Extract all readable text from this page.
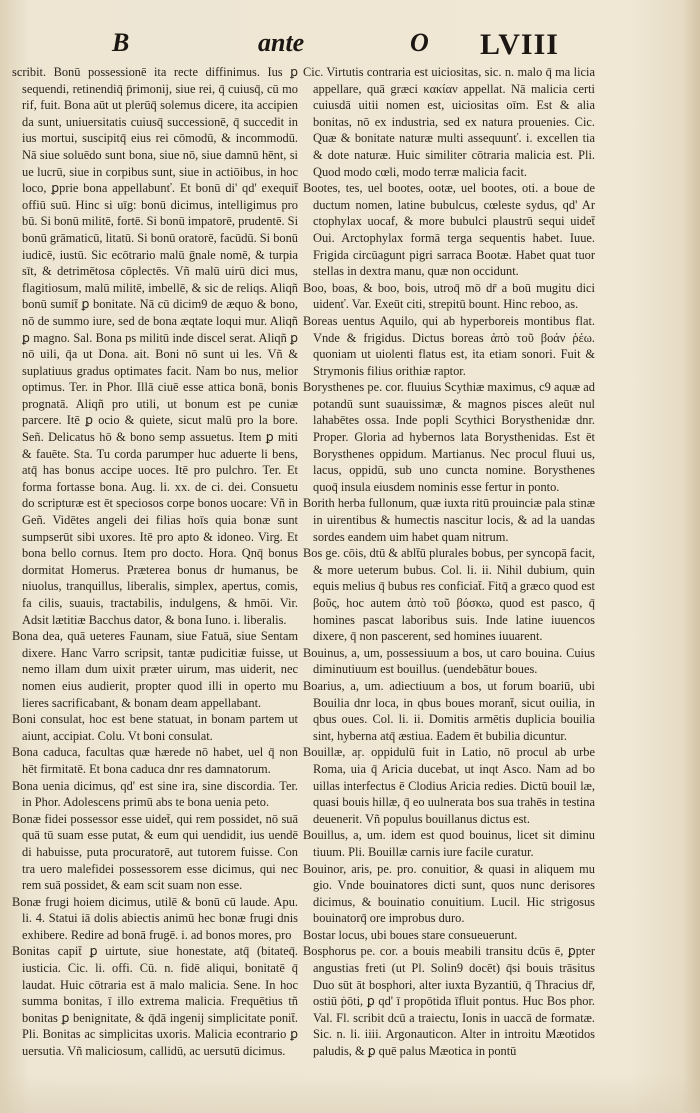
B	ante	O LVIII

scribit. Bonū possessionē ita recte diffinimus. Ius ꝑ sequendi, retinendiq̄ p̄rimonij, siue rei, q̄ cuiusq̄, cū mo rif, fuit. Bona aūt ut plerūq̄ solemus dicere, ita accipien da sunt, uniuersitatis cuiusq̄ successionē, q̄ succedit in ius mortui, suscipitq̄ eius rei cōmodū, & incommodū. Nā siue soluēdo sunt bona, siue nō, siue damnū hēnt, si ue lucrū, siue in corpibus sunt, siue in actiōibus, in hoc loco, ꝑprie bona appellabunť. Et bonū di' qd' exequit̄ offiū suū. Hinc si uīg: bonū dicimus, intelligimus pro bū. Si bonū militē, fortē. Si bonū impatorē, prudentē. Si bonū grāmaticū, litatū. Si bonū oratorē, facūdū. Si bonū iudicē, iustū. Sic ecōtrario malū ḡnale nomē, & turpia sīt, & detrimētosa cōplectēs. Vñ malū uirū dici mus, flagitiosum, malū militē, imbellē, & sic de reliqs. Aliqñ bonū sumit̄ ꝑ bonitate. Nā cū dicim9 de æquo & bono, nō de summo iure, sed de bona æqtate loqui mur. Aliqñ ꝑ magno. Sal. Bona ps militū inde discel serat. Aliqñ ꝑ nō uili, q̄a ut Dona. ait. Boni nō sunt ui les. Vñ & suplatiuus gradus optimates facit. Nam bo nus, melior optimus. Ter. in Phor. Illā ciuē esse attica bonā, bonis prognatā. Aliqñ pro utili, ut bonum est pe cuniæ parcere. Itē ꝑ ocio & quiete, sicut malū pro la bore. Señ. Delicatus hō & bono semp assuetus. Item ꝑ miti & fauēte. Sta. Tu corda parumper huc aduerte li bens, atq̄ has bonus accipe uoces. Itē pro pulchro. Ter. Et forma fortasse bona. Aug. li. xx. de ci. dei. Consuetu do scripturæ est ēt speciosos corpe bonos uocare: Vñ in Geñ. Vidētes angeli dei filias hoīs quia bonæ sunt sumpserūt sibi uxores. Itē pro apto & idoneo. Virg. Et bona bello cornus. Item pro docto. Hora. Qnq̄ bonus dormitat Homerus. Præterea bonus dr humanus, be niuolus, tranquillus, liberalis, simplex, apertus, comis, fa cilis, suauis, tractabilis, indulgens, & hmōi. Vir. Adsit lætitiæ Bacchus dator, & bona Iuno. i. liberalis.

Bona dea, quā ueteres Faunam, siue Fatuā, siue Sentam dixere. Hanc Varro scripsit, tantæ pudicitiæ fuisse, ut nemo illam dum uixit præter uirum, mas uiderit, nec nomen eius audierit, propter quod illi in operto mu lieres sacrificabant, & bonam deam appellabant.

Boni consulat, hoc est bene statuat, in bonam partem ut aiunt, accipiat. Colu. Vt boni consulat.

Bona caduca, facultas quæ hærede nō habet, uel q̄ non hēt firmitatē. Et bona caduca dnr res damnatorum.

Bona uenia dicimus, qd' est sine ira, sine discordia. Ter. in Phor. Adolescens primū abs te bona uenia peto.

Bonæ fidei possessor esse uidet̄, qui rem possidet, nō suā quā tū suam esse putat, & eum qui uendidit, ius uendē di habuisse, puta procuratorē, aut tutorem fuisse. Con tra uero malefidei possessorem esse dicimus, qui nec rem suā possidet, & eam scit suam non esse.

Bonæ frugi hoiem dicimus, utilē & bonū cū laude. Apu. li. 4. Statui iā dolis abiectis animū hec bonæ frugi dnis exhibere. Redire ad bonā frugē. i. ad bonos mores, pro

Bonitas capit̄ ꝑ uirtute, siue honestate, atq̄ (bitateq̄. iusticia. Cic. li. offi. Cū. n. fidē aliqui, bonitatē q̄ laudat. Huic cōtraria est ā malo malicia. Sene. In hoc summa bonitas, ī illo extrema malicia. Frequētius tñ bonitas ꝑ benignitate, & q̄dā ingenij simplicitate ponit̄. Pli. Bonitas ac simplicitas uxoris. Malicia econtrario ꝑ uersutia. Vñ maliciosum, callidū, ac uersutū dicimus.

Cic. Virtutis contraria est uiciositas, sic. n. malo q̄ ma licia appellare, quā græci κακίαν appellat. Nā malicia certi cuiusdā uitii nomen est, uiciositas oīm. Est & alia bonitas, nō ex industria, sed ex natura prouenies. Cic. Quæ & bonitate naturæ multi assequunť. i. excellen tia & dote naturæ. Huic similiter cōtraria malicia est. Pli. Quod modo cœli, modo terræ malicia facit.

Bootes, tes, uel bootes, ootæ, uel bootes, oti. a boue de ductum nomen, latine bubulcus, cœleste sydus, qd' Ar ctophylax uocaf, & more bubulci plaustrū sequi uidet̄ Oui. Arctophylax formā terga sequentis habet. Iuue. Frigida circūagunt pigri sarraca Bootæ. Habet quat tuor stellas in dextra manu, quæ non occidunt.

Boo, boas, & boo, bois, utroq̄ mō dr̄ a boū mugitu dici uidenť. Var. Exeūt citi, strepitū bount. Hinc reboo, as.

Boreas uentus Aquilo, qui ab hyperboreis montibus flat. Vnde & frigidus. Dictus boreas ἀπὸ τοῦ βοάν ῥέω. quoniam ut uiolenti flatus est, ita etiam sonori. Fuit & Strymonis filius orithiæ raptor.

Borysthenes pe. cor. fluuius Scythiæ maximus, c9 aquæ ad potandū sunt suauissimæ, & magnos pisces aleūt nul lahabētes ossa. Inde popli Scythici Borysthenidæ dnr. Proper. Gloria ad hybernos lata Borysthenidas. Est ēt Borysthenes oppidum. Martianus. Nec procul fluui us, lacus, oppidū, sub uno cuncta nomine. Borysthenes quoq̄ insula eiusdem nominis esse fertur in ponto.

Borith herba fullonum, quæ iuxta ritū prouinciæ pala stinæ in uirentibus & humectis nascitur locis, & ad la uandas sordes eandem uim habet quam nitrum.

Bos ge. cōis, dtū & ablt̄ū plurales bobus, per syncopā facit, & more ueterum bubus. Col. li. ii. Nihil dubium, quin equis melius q̄ bubus res conficiat̄. Fitq̄ a græco quod est βοῦς, hoc autem ἀπὸ τοῦ βόσκω, quod est pasco, q̄ homines pascat laboribus suis. Inde latine iuuencos dixere, q̄ non pascerent, sed homines iuuarent.

Bouinus, a, um, possessiuum a bos, ut caro bouina. Cuius diminutiuum est bouillus. (uendebātur boues.

Boarius, a, um. adiectiuum a bos, ut forum boariū, ubi Bouilia dnr loca, in qbus boues morant̄, sicut ouilia, in qbus oues. Col. li. ii. Domitis armētis duplicia bouilia sint, hyberna atq̄ æstiua. Eadem ēt bubilia dicuntur.

Bouillæ, aŗ. oppidulū fuit in Latio, nō procul ab urbe Roma, uia q̄ Aricia ducebat, ut inqt Asco. Nam ad bo uillas interfectus ē Clodius Aricia redies. Dictū bouil læ, quasi bouis hillæ, q̄ eo uulnerata bos sua trahēs in testina deuenerit. Vñ populus bouillanus dictus est.

Bouillus, a, um. idem est quod bouinus, licet sit diminu tiuum. Pli. Bouillæ carnis iure facile curatur.

Bouinor, aris, pe. pro. conuitior, & quasi in aliquem mu gio. Vnde bouinatores dicti sunt, quos nunc derisores dicimus, & bouinatio conuitium. Lucil. Hic strigosus bouinatorq̄ ore improbus duro.

Bostar locus, ubi boues stare consueuerunt.

Bosphorus pe. cor. a bouis meabili transitu dcūs ē, ꝑpter angustias freti (ut Pl. Solin9 docēt) q̄si bouis trāsitus Duo sūt āt bosphori, alter iuxta Byzantiū, q̄ Thracius dr̄, ostiū ṗōti, ꝑ qd' ī propōtida īfluit pontus. Huc Bos phor. Val. Fl. scribit dcū a traiectu, Ionis in uaccā de formatæ. Sic. n. li. iiii. Argonauticon. Alter in introitu Mæotidos paludis, & ꝑ quē palus Mæotica in pontū
